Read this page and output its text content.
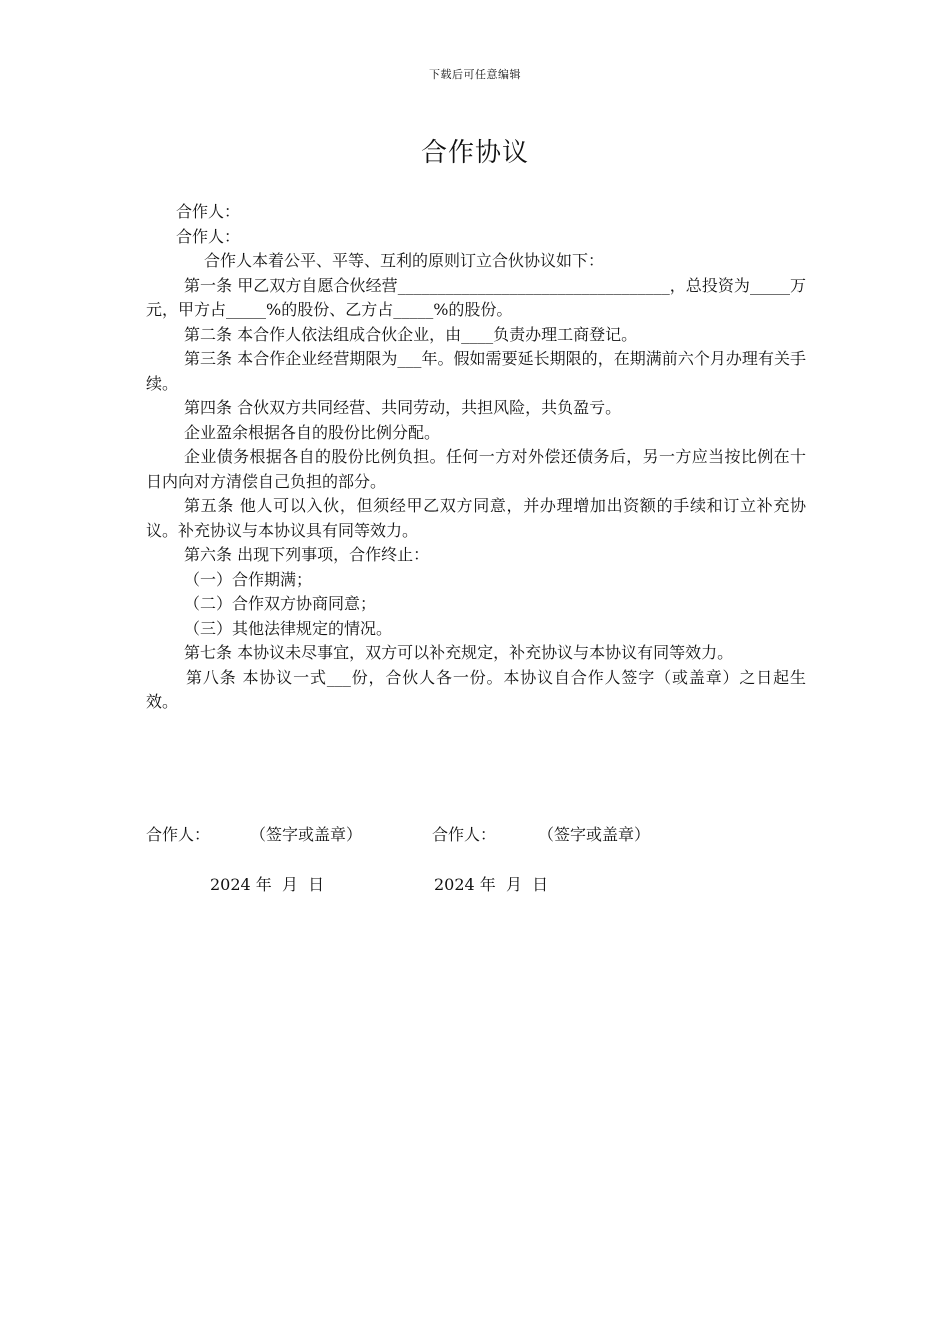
下载后可任意编辑
合作协议

合作人：

合作人：

合作人本着公平、平等、互利的原则订立合伙协议如下：

第一条 甲乙双方自愿合伙经营__________________________________，总投资为_____万元，甲方占_____%的股份、乙方占_____%的股份。

第二条 本合作人依法组成合伙企业，由____负责办理工商登记。

第三条 本合作企业经营期限为___年。假如需要延长期限的，在期满前六个月办理有关手续。

第四条 合伙双方共同经营、共同劳动，共担风险，共负盈亏。

企业盈余根据各自的股份比例分配。

企业债务根据各自的股份比例负担。任何一方对外偿还债务后，另一方应当按比例在十日内向对方清偿自己负担的部分。

第五条 他人可以入伙，但须经甲乙双方同意，并办理增加出资额的手续和订立补充协议。补充协议与本协议具有同等效力。

第六条 出现下列事项，合作终止：

（一）合作期满；

（二）合作双方协商同意；

（三）其他法律规定的情况。

第七条 本协议未尽事宜，双方可以补充规定，补充协议与本协议有同等效力。

第八条 本协议一式___份，合伙人各一份。本协议自合作人签字（或盖章）之日起生效。

合作人：

（签字或盖章）

	合作人：

	（签字或盖章）

2024 年  月  日

	2024 年  月  日
